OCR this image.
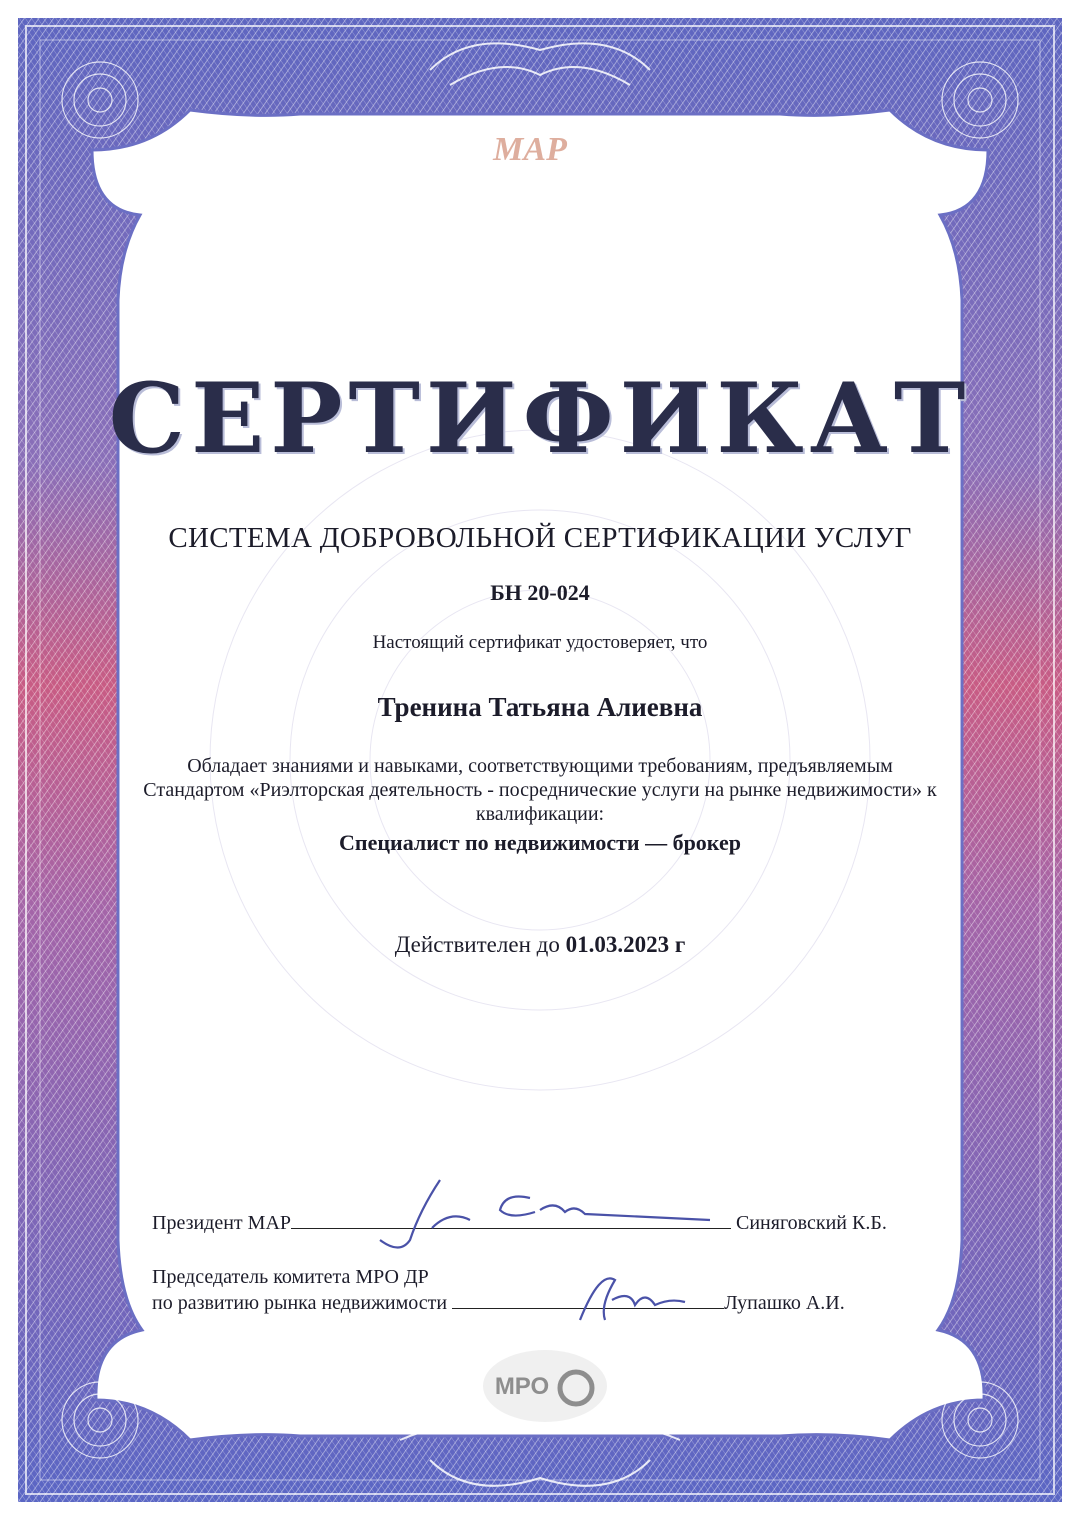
МАР
СЕРТИФИКАТ
СИСТЕМА ДОБРОВОЛЬНОЙ СЕРТИФИКАЦИИ УСЛУГ
БН 20-024
Настоящий сертификат удостоверяет, что
Тренина Татьяна Алиевна
Обладает знаниями и навыками, соответствующими требованиям, предъявляемым Стандартом «Риэлторская деятельность - посреднические услуги на рынке недвижимости» к квалификации:
Специалист по недвижимости — брокер
Действителен до 01.03.2023 г
Президент МАР	Синяговский К.Б.
Председатель комитета МРО ДР
по развитию рынка недвижимости	Лупашко А.И.
МРО
